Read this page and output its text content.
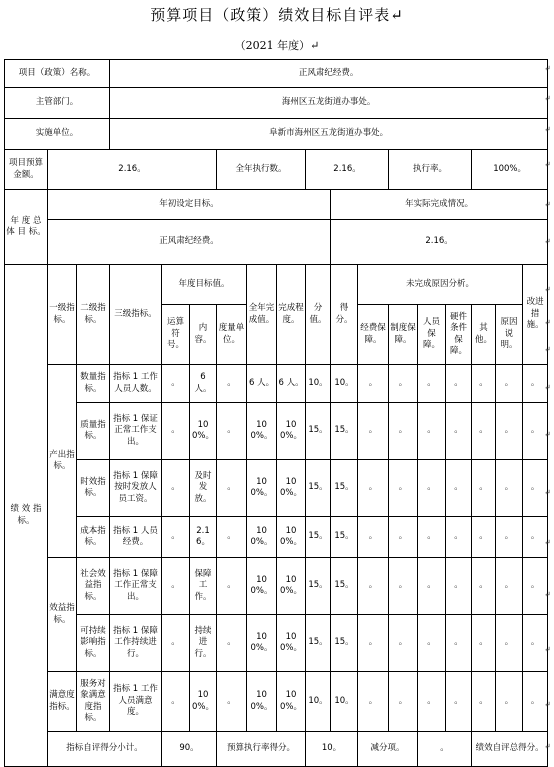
预算项目（政策）绩效目标自评表↵
（2021 年度）↵
项目（政策）名称。			正风肃纪经费。															
主管部门。			海州区五龙街道办事处。															
实施单位。			阜新市海州区五龙街道办事处。															
项目预算金额。	2.16。					全年执行数。			2.16。			执行率。			100%。			
年 度 总 体 目 标。	年初设定目标。									年实际完成情况。								
	正风肃纪经费。									2.16。								
绩 效 指 标。	一级指标。	二级指标。	三级指标。	年度目标值。			全年完成值。	完成程度。	分值。	得分。	未完成原因分析。						改进措施。	
				运算符号。	内容。	度量单位。					经费保障。	制度保障。	人员保障。	硬件条件保障。	其他。	原因说明。		

	产出指标。	数量指标。	指标 1 工作人员人数。	。	6 人。	。	6 人。	6 人。	10。	10。	。	。	。	。	。	。	。	
		质量指标。	指标 1 保证正常工作支出。	。	100%。	。	100%。	100%。	15。	15。	。	。	。	。	。	。	。	
		时效指标。	指标 1 保障按时发放人员工资。	。	及时发放。	。	100%。	100%。	15。	15。	。	。	。	。	。	。	。	
		成本指标。	指标 1 人员经费。	。	2.16。	。	100%。	100%。	15。	15。	。	。	。	。	。	。	。	
	效益指标。	社会效益指标。	指标 1 保障工作正常支出。	。	保障工作。	。	100%。	100%。	15。	15。	。	。	。	。	。	。	。	
		可持续影响指标。	指标 1 保障工作持续进行。	。	持续进行。	。	100%。	100%。	15。	15。	。	。	。	。	。	。	。	
	满意度指标。	服务对象满意度指标。	指标 1 工作人员满意度。	。	100%。	。	100%。	100%。	10。	10。	。	。	。	。	。	。	。	
	指标自评得分小计。			90。		预算执行率得分。			10。		减分项。		。		绩效自评总得分。	
↵
↵
↵
↵
↵
↵
↵
↵
↵
↵
↵
↵
↵
↵
↵
↵
↵
